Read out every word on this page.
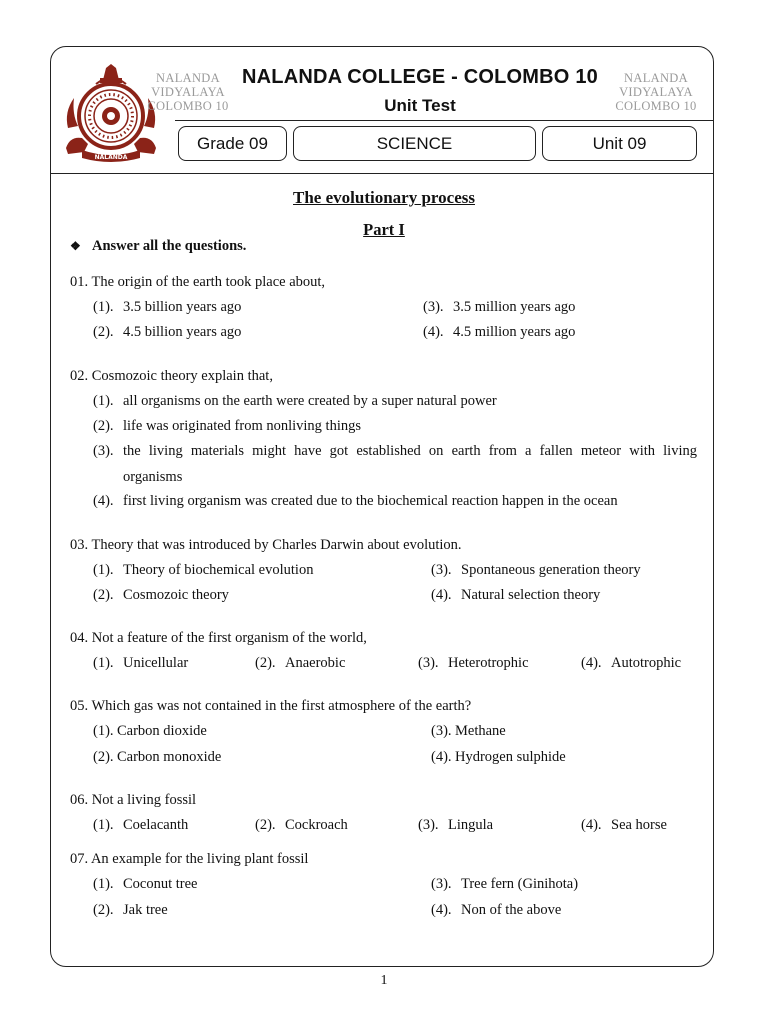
NALANDA
NALANDA
VIDYALAYA
COLOMBO 10
NALANDA
VIDYALAYA
COLOMBO 10
NALANDA COLLEGE - COLOMBO 10
Unit Test
Grade 09	SCIENCE	Unit 09
The evolutionary process
Part I
❖ Answer all the questions.
01. The origin of the earth took place about,
(1). 3.5 billion years ago
(2). 4.5 billion years ago
(3). 3.5 million years ago
(4). 4.5 million years ago
02. Cosmozoic theory explain that,
(1). all organisms on the earth were created by a super natural power
(2). life was originated from nonliving things
(3). the living materials might have got established on earth from a fallen meteor with living
organisms
(4). first living organism was created due to the biochemical reaction happen in the ocean
03. Theory that was introduced by Charles Darwin about evolution.
(1). Theory of biochemical evolution
(2). Cosmozoic theory
(3). Spontaneous generation theory
(4). Natural selection theory
04. Not a feature of the first organism of the world,
(1). Unicellular	(2). Anaerobic	(3). Heterotrophic	(4). Autotrophic
05. Which gas was not contained in the first atmosphere of the earth?
(1). Carbon dioxide
(2). Carbon monoxide
(3). Methane
(4). Hydrogen sulphide
06. Not a living fossil
(1). Coelacanth	(2). Cockroach	(3). Lingula	(4). Sea horse
07. An example for the living plant fossil
(1). Coconut tree
(2). Jak tree
(3). Tree fern (Ginihota)
(4). Non of the above
1
